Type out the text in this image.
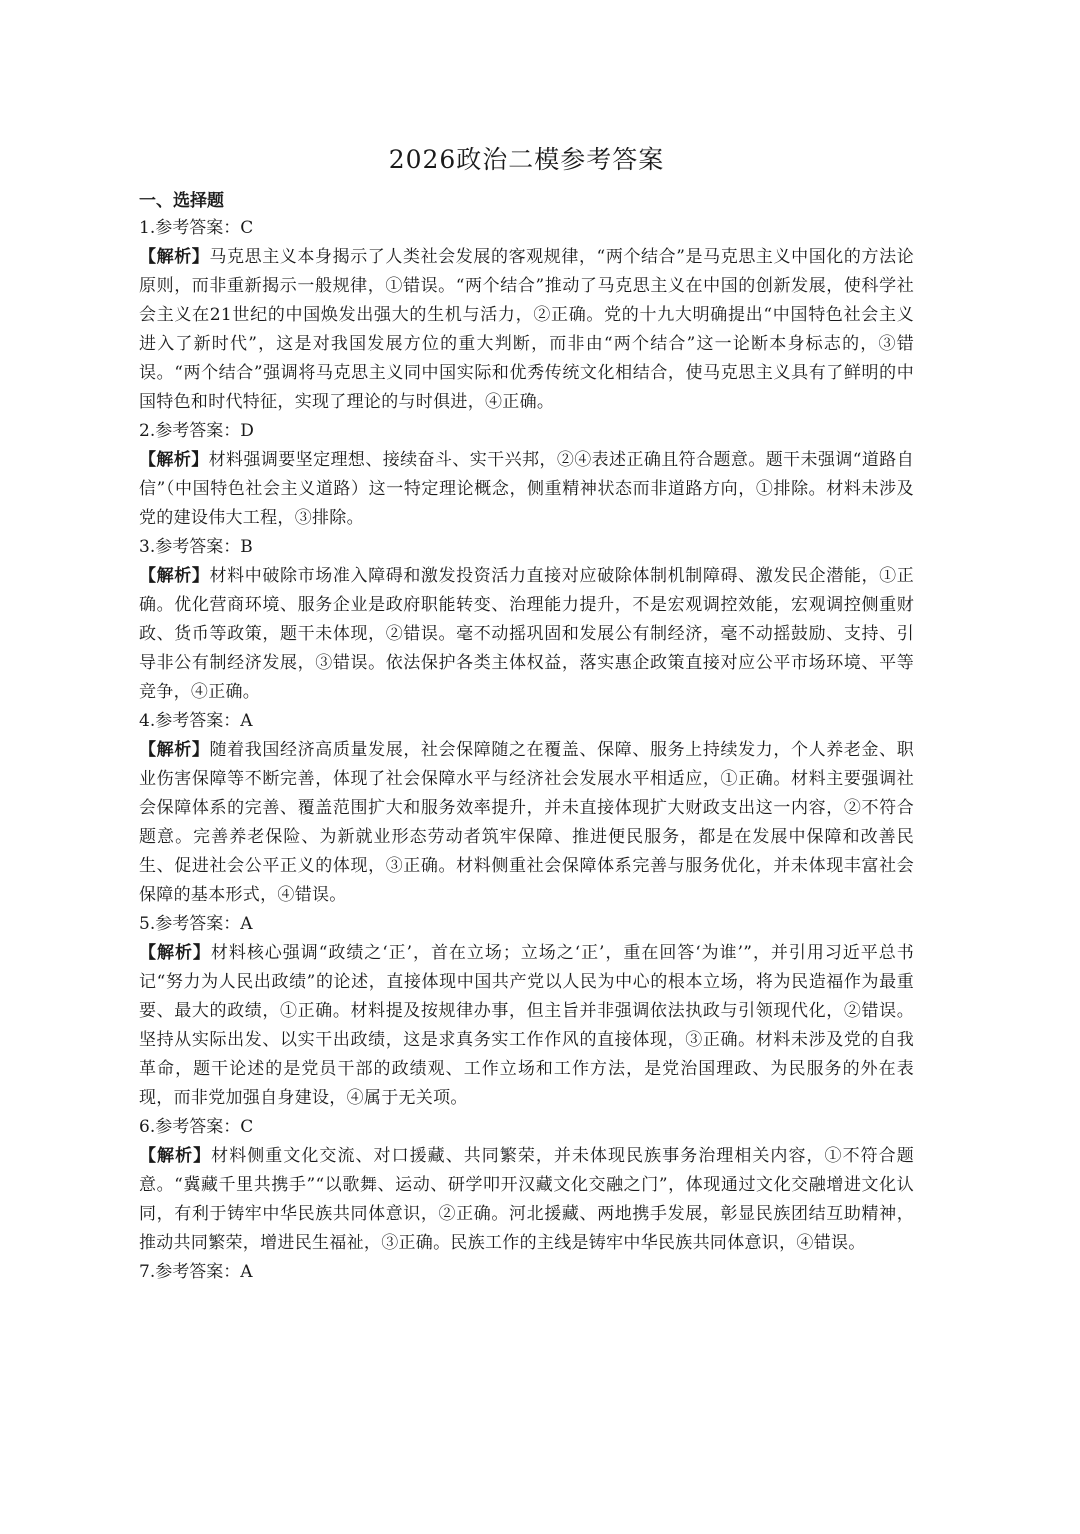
2026政治二模参考答案

一、选择题

1.参考答案：C

【解析】马克思主义本身揭示了人类社会发展的客观规律，“两个结合”是马克思主义中国化的方法论原则，而非重新揭示一般规律，①错误。“两个结合”推动了马克思主义在中国的创新发展，使科学社会主义在21世纪的中国焕发出强大的生机与活力，②正确。党的十九大明确提出“中国特色社会主义进入了新时代”，这是对我国发展方位的重大判断，而非由“两个结合”这一论断本身标志的，③错误。“两个结合”强调将马克思主义同中国实际和优秀传统文化相结合，使马克思主义具有了鲜明的中国特色和时代特征，实现了理论的与时俱进，④正确。

2.参考答案：D

【解析】材料强调要坚定理想、接续奋斗、实干兴邦，②④表述正确且符合题意。题干未强调“道路自信”（中国特色社会主义道路）这一特定理论概念，侧重精神状态而非道路方向，①排除。材料未涉及党的建设伟大工程，③排除。

3.参考答案：B

【解析】材料中破除市场准入障碍和激发投资活力直接对应破除体制机制障碍、激发民企潜能，①正确。优化营商环境、服务企业是政府职能转变、治理能力提升，不是宏观调控效能，宏观调控侧重财政、货币等政策，题干未体现，②错误。毫不动摇巩固和发展公有制经济，毫不动摇鼓励、支持、引导非公有制经济发展，③错误。依法保护各类主体权益，落实惠企政策直接对应公平市场环境、平等竞争，④正确。

4.参考答案：A

【解析】随着我国经济高质量发展，社会保障随之在覆盖、保障、服务上持续发力，个人养老金、职业伤害保障等不断完善，体现了社会保障水平与经济社会发展水平相适应，①正确。材料主要强调社会保障体系的完善、覆盖范围扩大和服务效率提升，并未直接体现扩大财政支出这一内容，②不符合题意。完善养老保险、为新就业形态劳动者筑牢保障、推进便民服务，都是在发展中保障和改善民生、促进社会公平正义的体现，③正确。材料侧重社会保障体系完善与服务优化，并未体现丰富社会保障的基本形式，④错误。

5.参考答案：A

【解析】材料核心强调“政绩之‘正’，首在立场；立场之‘正’，重在回答‘为谁’”，并引用习近平总书记“努力为人民出政绩”的论述，直接体现中国共产党以人民为中心的根本立场，将为民造福作为最重要、最大的政绩，①正确。材料提及按规律办事，但主旨并非强调依法执政与引领现代化，②错误。坚持从实际出发、以实干出政绩，这是求真务实工作作风的直接体现，③正确。材料未涉及党的自我革命，题干论述的是党员干部的政绩观、工作立场和工作方法，是党治国理政、为民服务的外在表现，而非党加强自身建设，④属于无关项。

6.参考答案：C

【解析】材料侧重文化交流、对口援藏、共同繁荣，并未体现民族事务治理相关内容，①不符合题意。“冀藏千里共携手”“以歌舞、运动、研学叩开汉藏文化交融之门”，体现通过文化交融增进文化认同，有利于铸牢中华民族共同体意识，②正确。河北援藏、两地携手发展，彰显民族团结互助精神，推动共同繁荣，增进民生福祉，③正确。民族工作的主线是铸牢中华民族共同体意识，④错误。

7.参考答案：A
